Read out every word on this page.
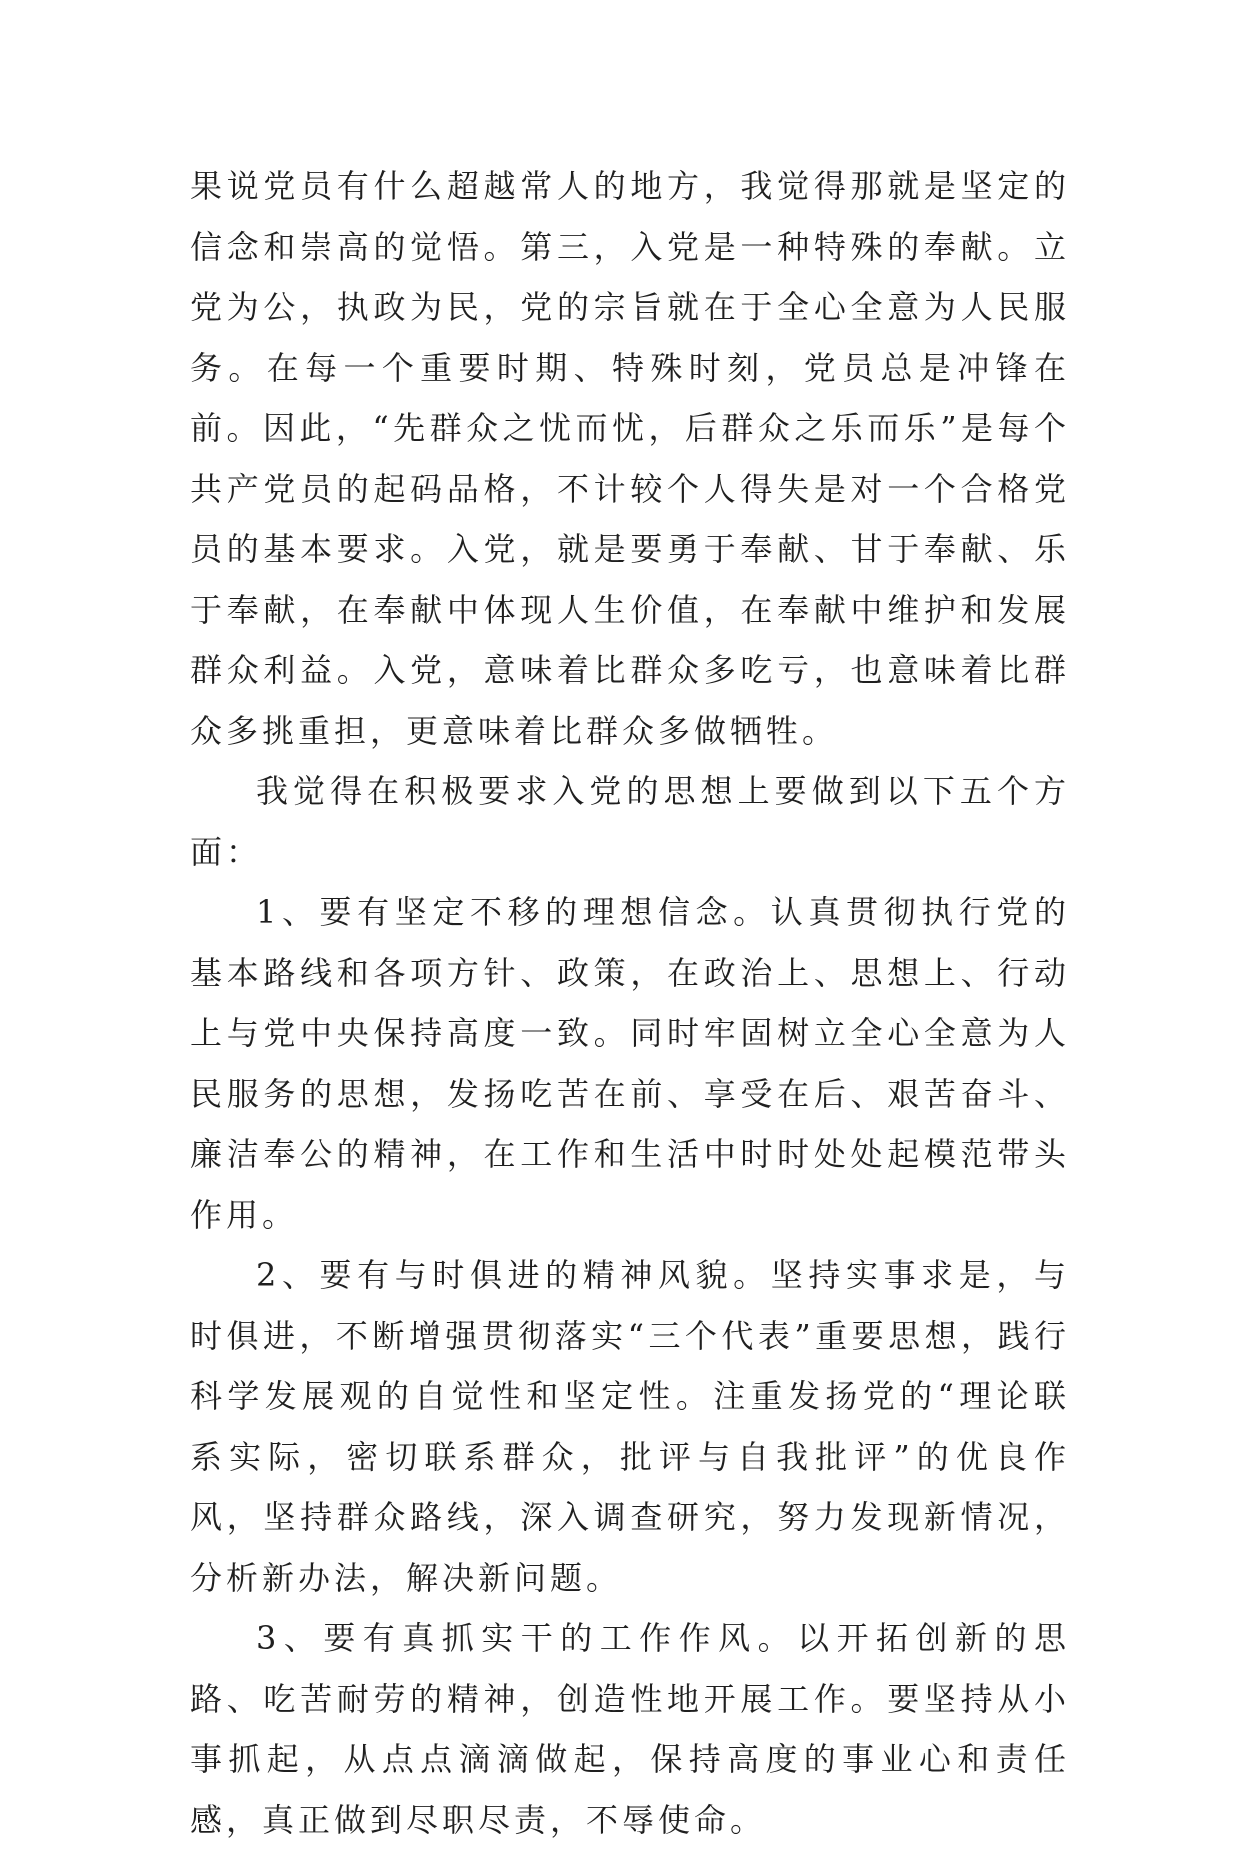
果说党员有什么超越常人的地方，我觉得那就是坚定的信念和崇高的觉悟。第三，入党是一种特殊的奉献。立党为公，执政为民，党的宗旨就在于全心全意为人民服务。在每一个重要时期、特殊时刻，党员总是冲锋在前。因此，“先群众之忧而忧，后群众之乐而乐”是每个共产党员的起码品格，不计较个人得失是对一个合格党员的基本要求。入党，就是要勇于奉献、甘于奉献、乐于奉献，在奉献中体现人生价值，在奉献中维护和发展群众利益。入党，意味着比群众多吃亏，也意味着比群众多挑重担，更意味着比群众多做牺牲。

我觉得在积极要求入党的思想上要做到以下五个方面：

1、要有坚定不移的理想信念。认真贯彻执行党的基本路线和各项方针、政策，在政治上、思想上、行动上与党中央保持高度一致。同时牢固树立全心全意为人民服务的思想，发扬吃苦在前、享受在后、艰苦奋斗、廉洁奉公的精神，在工作和生活中时时处处起模范带头作用。

2、要有与时俱进的精神风貌。坚持实事求是，与时俱进，不断增强贯彻落实“三个代表”重要思想，践行科学发展观的自觉性和坚定性。注重发扬党的“理论联系实际，密切联系群众，批评与自我批评”的优良作风，坚持群众路线，深入调查研究，努力发现新情况，分析新办法，解决新问题。

3、要有真抓实干的工作作风。以开拓创新的思路、吃苦耐劳的精神，创造性地开展工作。要坚持从小事抓起，从点点滴滴做起，保持高度的事业心和责任感，真正做到尽职尽责，不辱使命。
